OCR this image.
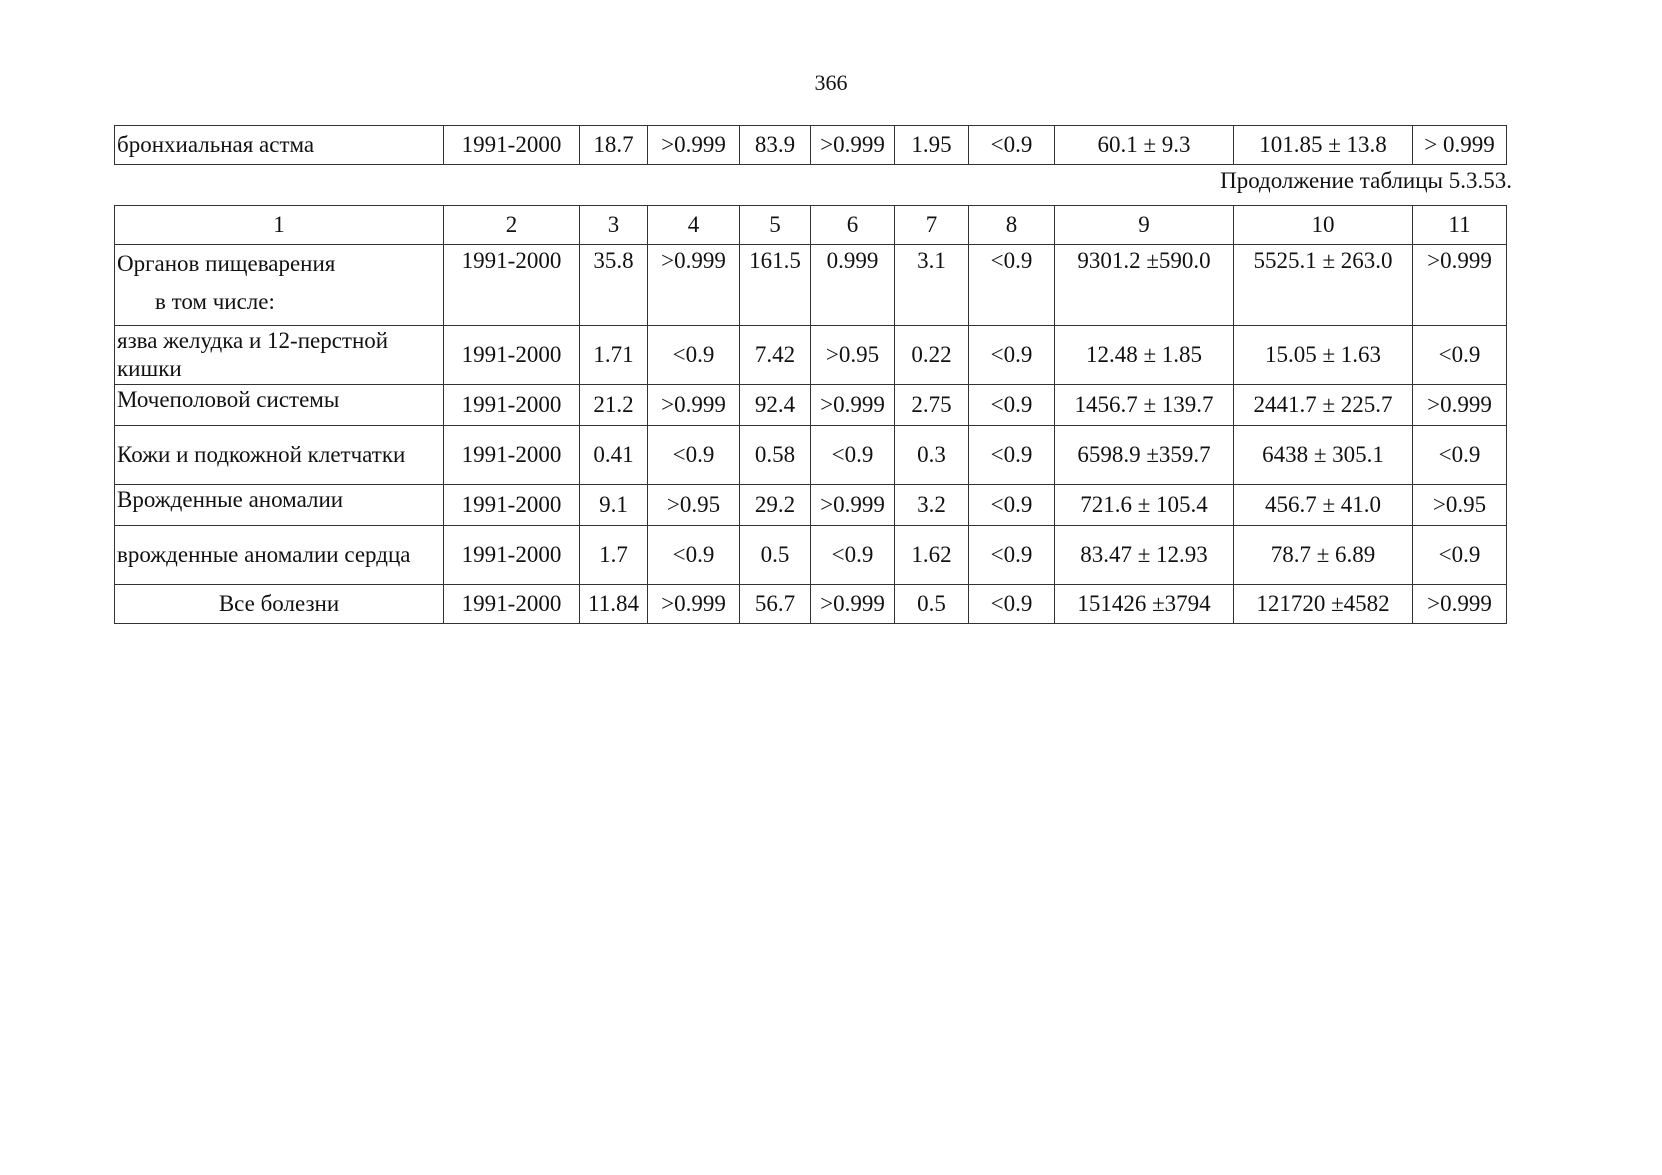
366
бронхиальная астма	1991-2000	18.7	>0.999	83.9	>0.999	1.95	<0.9	60.1 ± 9.3	101.85 ± 13.8	> 0.999
Продолжение таблицы 5.3.53.
1	2	3	4	5	6	7	8	9	10	11

Органов пищеварения
в том числе:	1991-2000	35.8	>0.999	161.5	0.999	3.1	<0.9	9301.2 ±590.0	5525.1 ± 263.0	>0.999
язва желудка и 12-перстной кишки	1991-2000	1.71	<0.9	7.42	>0.95	0.22	<0.9	12.48 ± 1.85	15.05 ± 1.63	<0.9
Мочеполовой системы	1991-2000	21.2	>0.999	92.4	>0.999	2.75	<0.9	1456.7 ± 139.7	2441.7 ± 225.7	>0.999
Кожи и подкожной клетчатки	1991-2000	0.41	<0.9	0.58	<0.9	0.3	<0.9	6598.9 ±359.7	6438 ± 305.1	<0.9
Врожденные аномалии	1991-2000	9.1	>0.95	29.2	>0.999	3.2	<0.9	721.6 ± 105.4	456.7 ± 41.0	>0.95
врожденные аномалии сердца	1991-2000	1.7	<0.9	0.5	<0.9	1.62	<0.9	83.47 ± 12.93	78.7 ± 6.89	<0.9
Все болезни	1991-2000	11.84	>0.999	56.7	>0.999	0.5	<0.9	151426 ±3794	121720 ±4582	>0.999
